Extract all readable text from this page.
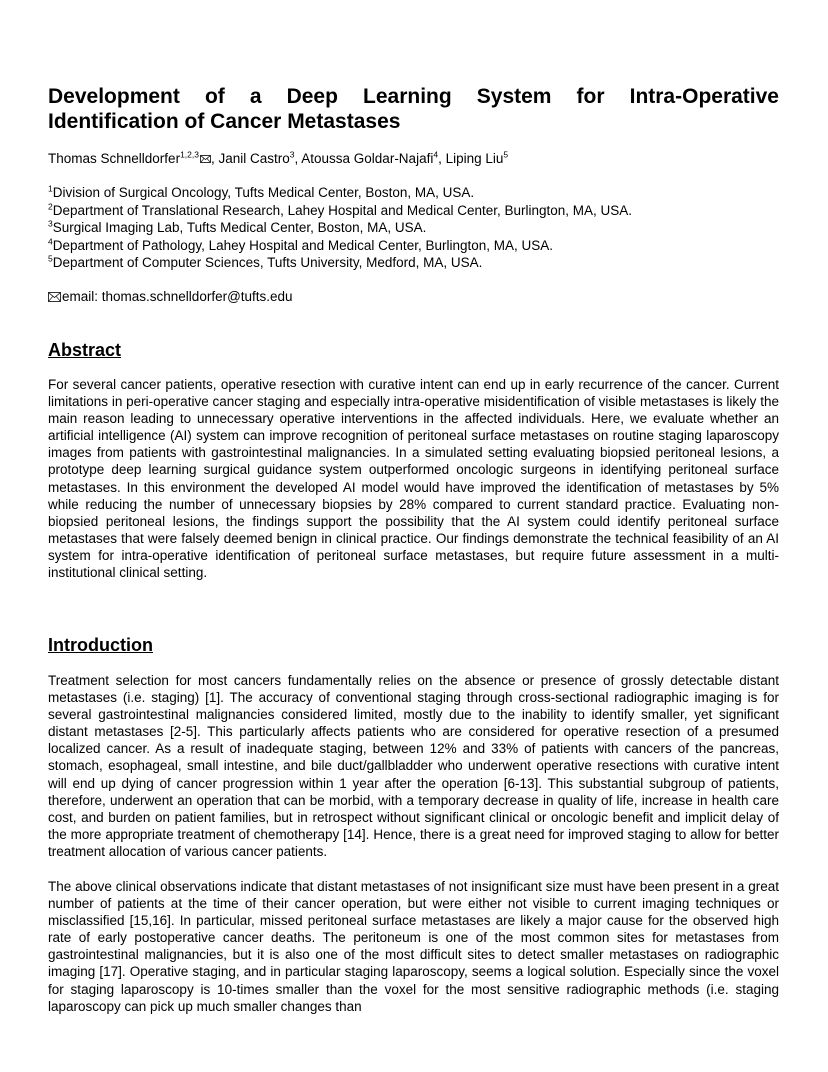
Development of a Deep Learning System for Intra-Operative Identification of Cancer Metastases
Thomas Schnelldorfer$^{1,2,3}$ , Janil Castro$^3$, Atoussa Goldar-Najafi$^4$, Liping Liu$^5$
$^1$Division of Surgical Oncology, Tufts Medical Center, Boston, MA, USA.
$^2$Department of Translational Research, Lahey Hospital and Medical Center, Burlington, MA, USA.
$^3$Surgical Imaging Lab, Tufts Medical Center, Boston, MA, USA.
$^4$Department of Pathology, Lahey Hospital and Medical Center, Burlington, MA, USA.
$^5$Department of Computer Sciences, Tufts University, Medford, MA, USA.
email: thomas.schnelldorfer@tufts.edu
Abstract

For several cancer patients, operative resection with curative intent can end up in early recurrence of the cancer. Current limitations in peri-operative cancer staging and especially intra-operative misidentification of visible metastases is likely the main reason leading to unnecessary operative interventions in the affected individuals. Here, we evaluate whether an artificial intelligence (AI) system can improve recognition of peritoneal surface metastases on routine staging laparoscopy images from patients with gastrointestinal malignancies. In a simulated setting evaluating biopsied peritoneal lesions, a prototype deep learning surgical guidance system outperformed oncologic surgeons in identifying peritoneal surface metastases. In this environment the developed AI model would have improved the identification of metastases by 5% while reducing the number of unnecessary biopsies by 28% compared to current standard practice. Evaluating non-biopsied peritoneal lesions, the findings support the possibility that the AI system could identify peritoneal surface metastases that were falsely deemed benign in clinical practice. Our findings demonstrate the technical feasibility of an AI system for intra-operative identification of peritoneal surface metastases, but require future assessment in a multi-institutional clinical setting.

Introduction

Treatment selection for most cancers fundamentally relies on the absence or presence of grossly detectable distant metastases (i.e. staging) [1]. The accuracy of conventional staging through cross-sectional radiographic imaging is for several gastrointestinal malignancies considered limited, mostly due to the inability to identify smaller, yet significant distant metastases [2-5]. This particularly affects patients who are considered for operative resection of a presumed localized cancer. As a result of inadequate staging, between 12% and 33% of patients with cancers of the pancreas, stomach, esophageal, small intestine, and bile duct/gallbladder who underwent operative resections with curative intent will end up dying of cancer progression within 1 year after the operation [6-13]. This substantial subgroup of patients, therefore, underwent an operation that can be morbid, with a temporary decrease in quality of life, increase in health care cost, and burden on patient families, but in retrospect without significant clinical or oncologic benefit and implicit delay of the more appropriate treatment of chemotherapy [14]. Hence, there is a great need for improved staging to allow for better treatment allocation of various cancer patients.

The above clinical observations indicate that distant metastases of not insignificant size must have been present in a great number of patients at the time of their cancer operation, but were either not visible to current imaging techniques or misclassified [15,16]. In particular, missed peritoneal surface metastases are likely a major cause for the observed high rate of early postoperative cancer deaths. The peritoneum is one of the most common sites for metastases from gastrointestinal malignancies, but it is also one of the most difficult sites to detect smaller metastases on radiographic imaging [17]. Operative staging, and in particular staging laparoscopy, seems a logical solution. Especially since the voxel for staging laparoscopy is 10-times smaller than the voxel for the most sensitive radiographic methods (i.e. staging laparoscopy can pick up much smaller changes than
